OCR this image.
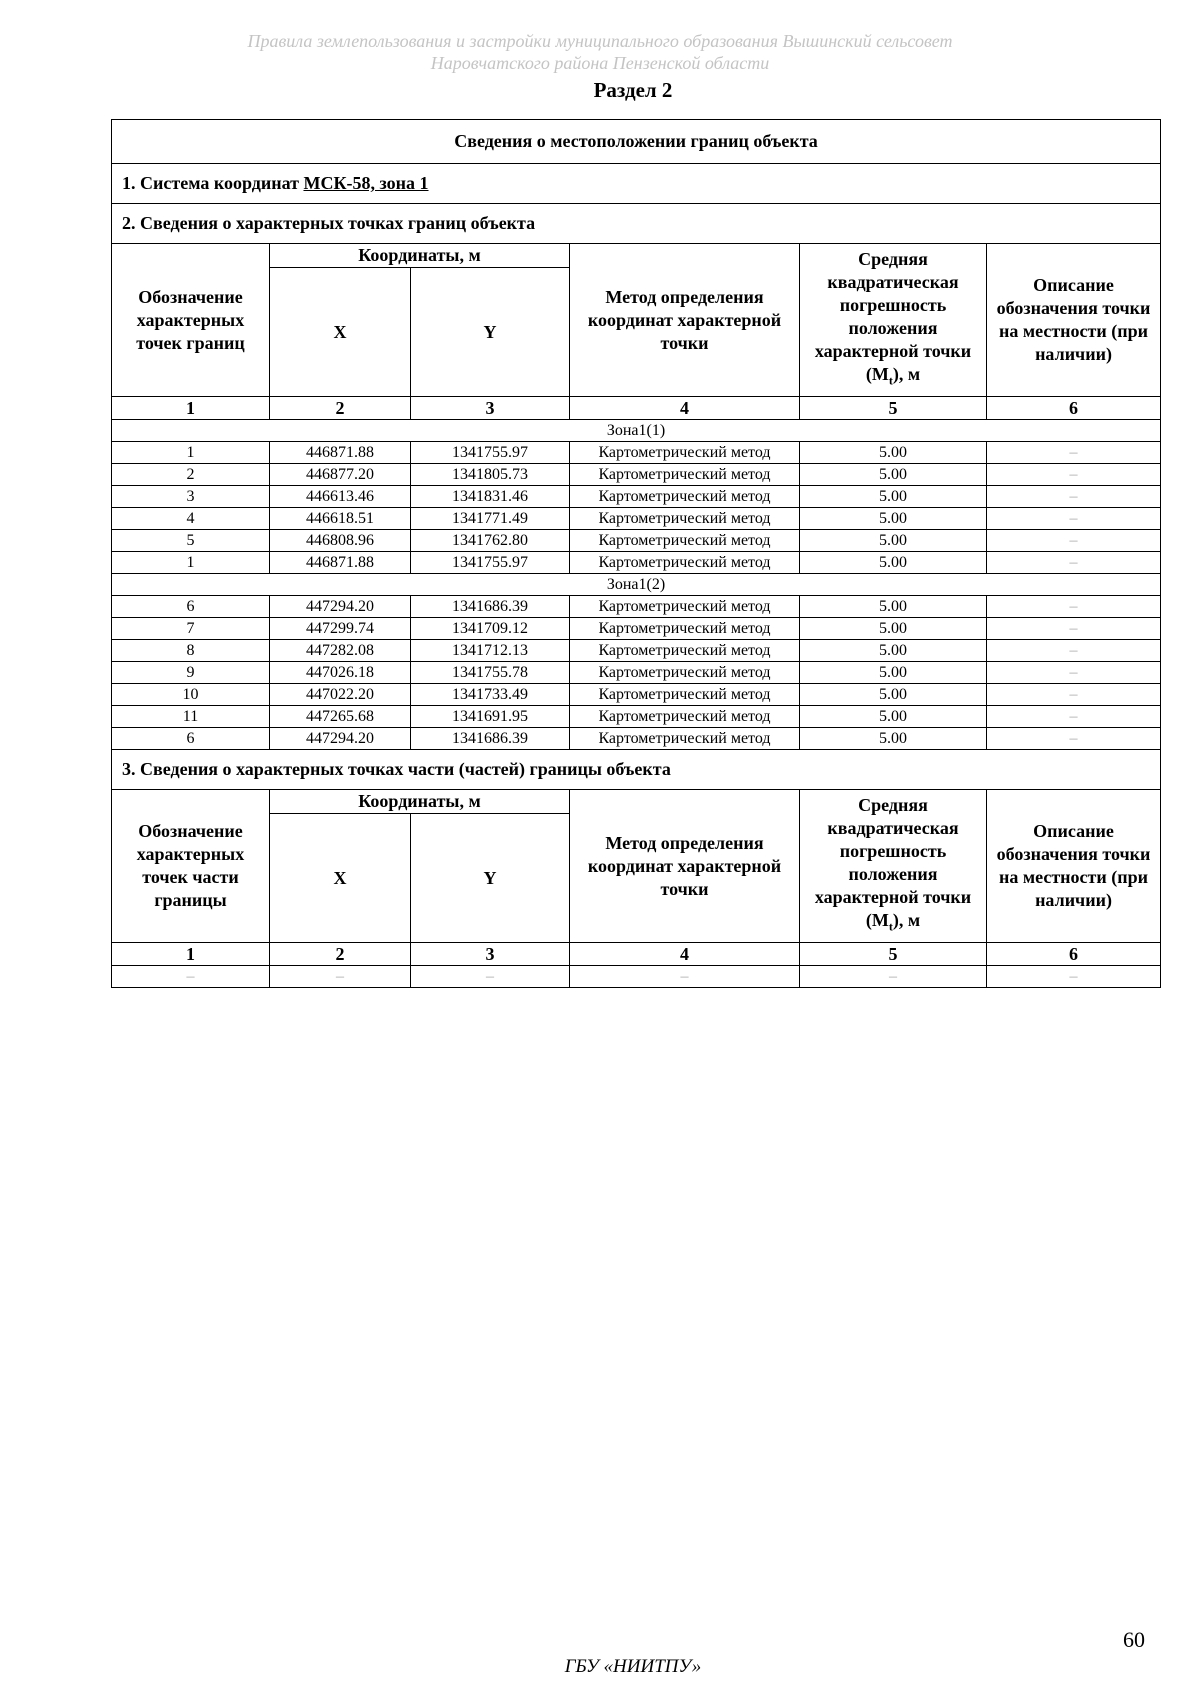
Правила землепользования и застройки муниципального образования Вышинский сельсовет
Наровчатского района Пензенской области
Раздел 2
Сведения о местоположении границ объекта					
1. Система координат МСК-58, зона 1					
2. Сведения о характерных точках границ объекта					
Обозначение характерных точек границ	Координаты, м		Метод определения координат характерной точки	Средняя квадратическая погрешность положения характерной точки $(M_t)$, м	Описание обозначения точки на местности (при наличии)
	X	Y			
1	2	3	4	5	6
Зона1(1)					
1	446871.88	1341755.97	Картометрический метод	5.00	–
2	446877.20	1341805.73	Картометрический метод	5.00	–
3	446613.46	1341831.46	Картометрический метод	5.00	–
4	446618.51	1341771.49	Картометрический метод	5.00	–
5	446808.96	1341762.80	Картометрический метод	5.00	–
1	446871.88	1341755.97	Картометрический метод	5.00	–
Зона1(2)					
6	447294.20	1341686.39	Картометрический метод	5.00	–
7	447299.74	1341709.12	Картометрический метод	5.00	–
8	447282.08	1341712.13	Картометрический метод	5.00	–
9	447026.18	1341755.78	Картометрический метод	5.00	–
10	447022.20	1341733.49	Картометрический метод	5.00	–
11	447265.68	1341691.95	Картометрический метод	5.00	–
6	447294.20	1341686.39	Картометрический метод	5.00	–
3. Сведения о характерных точках части (частей) границы объекта					
Обозначение характерных точек части границы	Координаты, м		Метод определения координат характерной точки	Средняя квадратическая погрешность положения характерной точки $(M_t)$, м	Описание обозначения точки на местности (при наличии)
	X	Y			
1	2	3	4	5	6
–	–	–	–	–	–
60
ГБУ «НИИТПУ»
